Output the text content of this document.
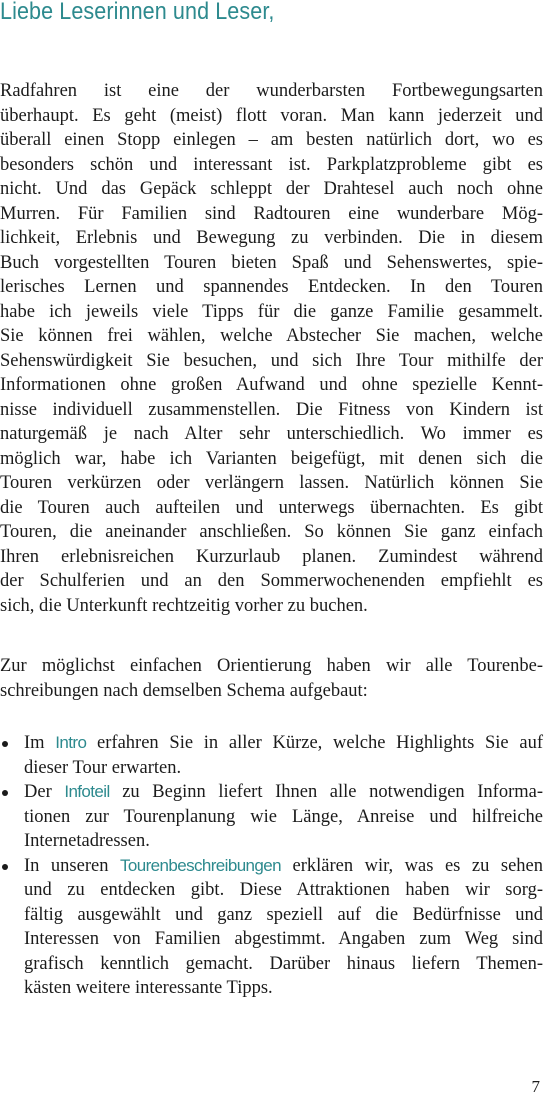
Liebe Leserinnen und Leser,
Radfahren ist eine der wunderbarsten Fortbewegungsarten
überhaupt. Es geht (meist) flott voran. Man kann jederzeit und
überall einen Stopp einlegen – am besten natürlich dort, wo es
besonders schön und interessant ist. Parkplatzprobleme gibt es
nicht. Und das Gepäck schleppt der Drahtesel auch noch ohne
Murren. Für Familien sind Radtouren eine wunderbare Mög-
lichkeit, Erlebnis und Bewegung zu verbinden. Die in diesem
Buch vorgestellten Touren bieten Spaß und Sehenswertes, spie-
lerisches Lernen und spannendes Entdecken. In den Touren
habe ich jeweils viele Tipps für die ganze Familie gesammelt.
Sie können frei wählen, welche Abstecher Sie machen, welche
Sehenswürdigkeit Sie besuchen, und sich Ihre Tour mithilfe der
Informationen ohne großen Aufwand und ohne spezielle Kennt-
nisse individuell zusammenstellen. Die Fitness von Kindern ist
naturgemäß je nach Alter sehr unterschiedlich. Wo immer es
möglich war, habe ich Varianten beigefügt, mit denen sich die
Touren verkürzen oder verlängern lassen. Natürlich können Sie
die Touren auch aufteilen und unterwegs übernachten. Es gibt
Touren, die aneinander anschließen. So können Sie ganz einfach
Ihren erlebnisreichen Kurzurlaub planen. Zumindest während
der Schulferien und an den Sommerwochenenden empfiehlt es
sich, die Unterkunft rechtzeitig vorher zu buchen.
Zur möglichst einfachen Orientierung haben wir alle Tourenbe-
schreibungen nach demselben Schema aufgebaut:
Im Intro erfahren Sie in aller Kürze, welche Highlights Sie auf
dieser Tour erwarten.
Der Infoteil zu Beginn liefert Ihnen alle notwendigen Informa-
tionen zur Tourenplanung wie Länge, Anreise und hilfreiche
Internetadressen.
In unseren Tourenbeschreibungen erklären wir, was es zu sehen
und zu entdecken gibt. Diese Attraktionen haben wir sorg-
fältig ausgewählt und ganz speziell auf die Bedürfnisse und
Interessen von Familien abgestimmt. Angaben zum Weg sind
grafisch kenntlich gemacht. Darüber hinaus liefern Themen-
kästen weitere interessante Tipps.
7
